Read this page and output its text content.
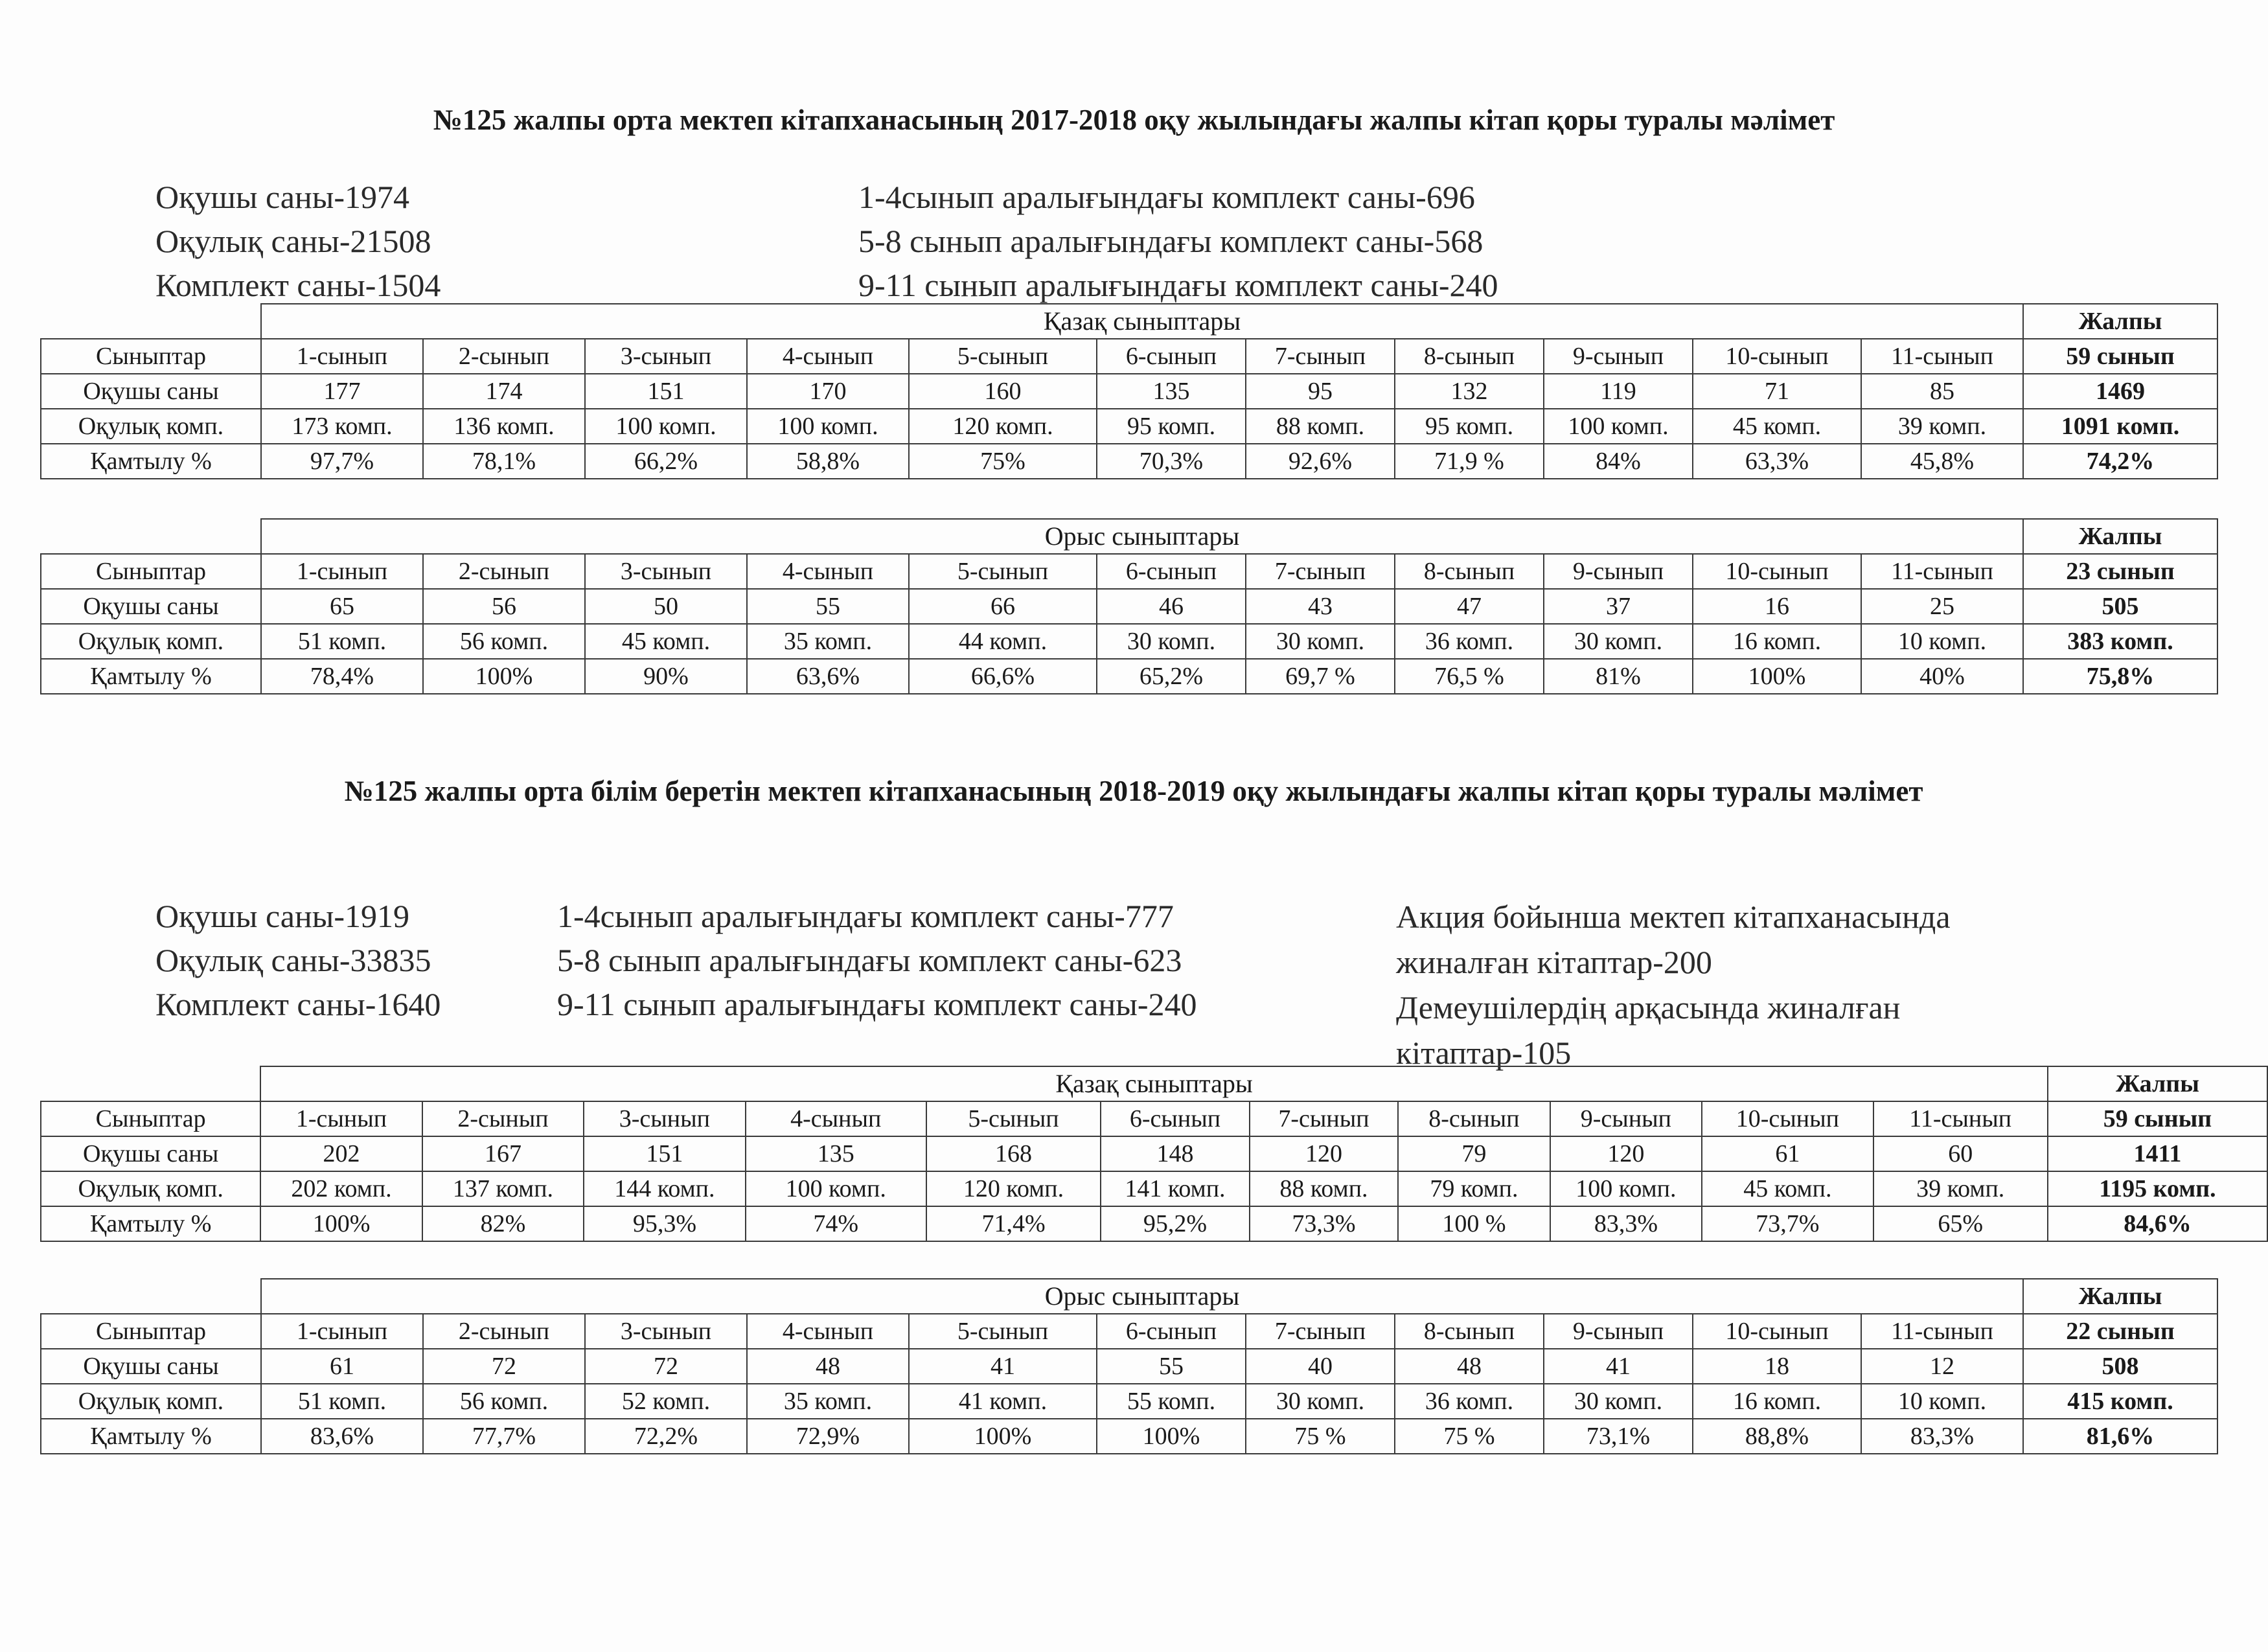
№125 жалпы орта мектеп кітапханасының 2017-2018 оқу жылындағы жалпы кітап қоры туралы мәлімет
Оқушы саны-1974
Оқулық саны-21508
Комплект саны-1504
1-4сынып аралығындағы комплект саны-696
5-8 сынып аралығындағы комплект саны-568
9-11 сынып аралығындағы комплект саны-240
	Қазақ сыныптары											Жалпы
Сыныптар	1-сынып	2-сынып	3-сынып	4-сынып	5-сынып	6-сынып	7-сынып	8-сынып	9-сынып	10-сынып	11-сынып	59 сынып
Оқушы саны	177	174	151	170	160	135	95	132	119	71	85	1469
Оқулық комп.	173 комп.	136 комп.	100 комп.	100 комп.	120 комп.	95 комп.	88 комп.	95 комп.	100 комп.	45 комп.	39 комп.	1091 комп.
Қамтылу %	97,7%	78,1%	66,2%	58,8%	75%	70,3%	92,6%	71,9 %	84%	63,3%	45,8%	74,2%
	Орыс сыныптары											Жалпы
Сыныптар	1-сынып	2-сынып	3-сынып	4-сынып	5-сынып	6-сынып	7-сынып	8-сынып	9-сынып	10-сынып	11-сынып	23 сынып
Оқушы саны	65	56	50	55	66	46	43	47	37	16	25	505
Оқулық комп.	51 комп.	56 комп.	45 комп.	35 комп.	44 комп.	30 комп.	30 комп.	36 комп.	30 комп.	16 комп.	10 комп.	383 комп.
Қамтылу %	78,4%	100%	90%	63,6%	66,6%	65,2%	69,7 %	76,5 %	81%	100%	40%	75,8%
№125 жалпы орта білім беретін мектеп кітапханасының 2018-2019 оқу жылындағы жалпы кітап қоры туралы мәлімет
Оқушы саны-1919
Оқулық саны-33835
Комплект саны-1640
1-4сынып аралығындағы комплект саны-777
5-8 сынып аралығындағы комплект саны-623
9-11 сынып аралығындағы комплект саны-240
Акция бойынша мектеп кітапханасында
жиналған кітаптар-200
Демеушілердің арқасында жиналған
кітаптар-105
	Қазақ сыныптары											Жалпы
Сыныптар	1-сынып	2-сынып	3-сынып	4-сынып	5-сынып	6-сынып	7-сынып	8-сынып	9-сынып	10-сынып	11-сынып	59 сынып
Оқушы саны	202	167	151	135	168	148	120	79	120	61	60	1411
Оқулық комп.	202 комп.	137 комп.	144 комп.	100 комп.	120 комп.	141 комп.	88 комп.	79 комп.	100 комп.	45 комп.	39 комп.	1195 комп.
Қамтылу %	100%	82%	95,3%	74%	71,4%	95,2%	73,3%	100 %	83,3%	73,7%	65%	84,6%
	Орыс сыныптары											Жалпы
Сыныптар	1-сынып	2-сынып	3-сынып	4-сынып	5-сынып	6-сынып	7-сынып	8-сынып	9-сынып	10-сынып	11-сынып	22 сынып
Оқушы саны	61	72	72	48	41	55	40	48	41	18	12	508
Оқулық комп.	51 комп.	56 комп.	52 комп.	35 комп.	41 комп.	55 комп.	30 комп.	36 комп.	30 комп.	16 комп.	10 комп.	415 комп.
Қамтылу %	83,6%	77,7%	72,2%	72,9%	100%	100%	75 %	75 %	73,1%	88,8%	83,3%	81,6%
